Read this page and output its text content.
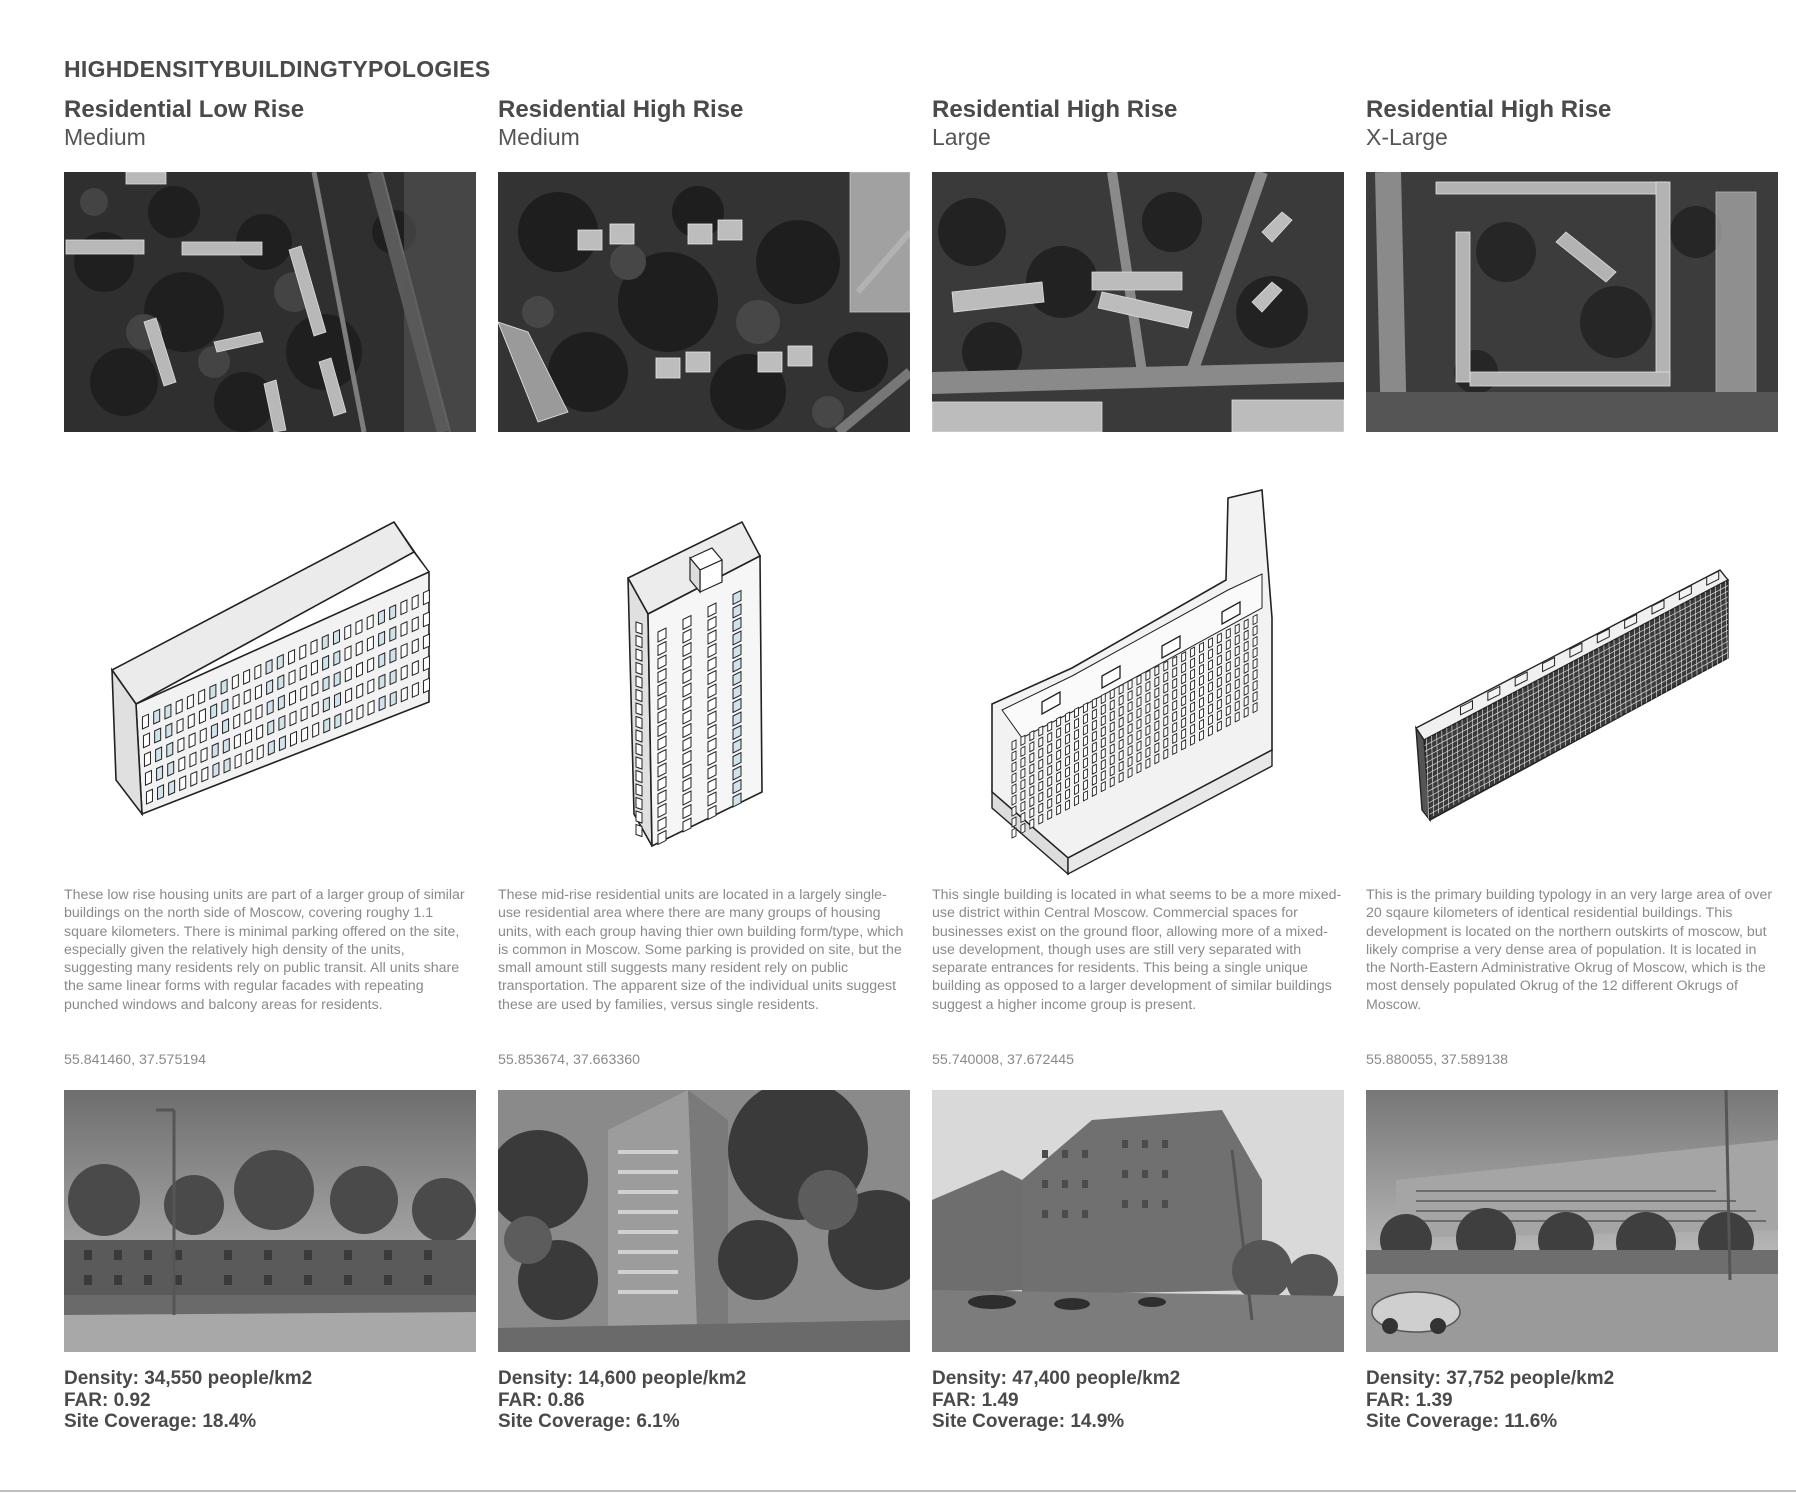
HIGHDENSITYBUILDINGTYPOLOGIES
Residential Low Rise
Medium

These low rise housing units are part of a larger group of similar buildings on the north side of Moscow, covering roughy 1.1 square kilometers. There is minimal parking offered on the site, especially given the relatively high density of the units, suggesting many residents rely on public transit. All units share the same linear forms with regular facades with repeating punched windows and balcony areas for residents.

55.841460, 37.575194
Density: 34,550 people/km2
FAR: 0.92
Site Coverage: 18.4%
Residential High Rise
Medium

These mid-rise residential units are located in a largely single-use residential area where there are many groups of housing units, with each group having thier own building form/type, which is common in Moscow. Some parking is provided on site, but the small amount still suggests many resident rely on public transportation. The apparent size of the individual units suggest these are used by families, versus single residents.

55.853674, 37.663360
Density: 14,600 people/km2
FAR: 0.86
Site Coverage: 6.1%
Residential High Rise
Large

This single building is located in what seems to be a more mixed-use district within Central Moscow. Commercial spaces for businesses exist on the ground floor, allowing more of a mixed-use development, though uses are still very separated with separate entrances for residents. This being a single unique building as opposed to a larger development of similar buildings suggest a higher income group is present.

55.740008, 37.672445
Density: 47,400 people/km2
FAR: 1.49
Site Coverage: 14.9%
Residential High Rise
X-Large

This is the primary building typology in an very large area of over 20 sqaure kilometers of identical residential buildings. This development is located on the northern outskirts of moscow, but likely comprise a very dense area of population. It is located in the North-Eastern Administrative Okrug of Moscow, which is the most densely populated Okrug of the 12 different Okrugs of Moscow.

55.880055, 37.589138
Density: 37,752 people/km2
FAR: 1.39
Site Coverage: 11.6%
